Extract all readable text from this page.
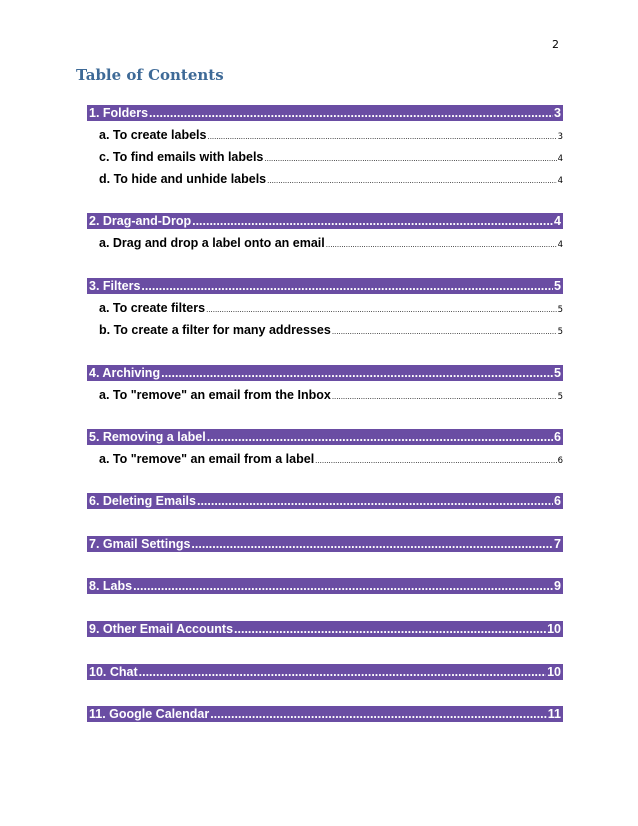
2
Table of Contents
1. Folders .....	3
a. To create labels .....	3
c. To find emails with labels .....	4
d. To hide and unhide labels .....	4
2. Drag-and-Drop .....	4
a. Drag and drop a label onto an email .....	4
3. Filters .....	5
a. To create filters .....	5
b. To create a filter for many addresses .....	5
4. Archiving .....	5
a. To "remove" an email from the Inbox .....	5
5. Removing a label .....	6
a. To "remove" an email from a label .....	6
6. Deleting Emails .....	6
7. Gmail Settings .....	7
8. Labs .....	9
9. Other Email Accounts .....	10
10. Chat .....	10
11. Google Calendar .....	11
